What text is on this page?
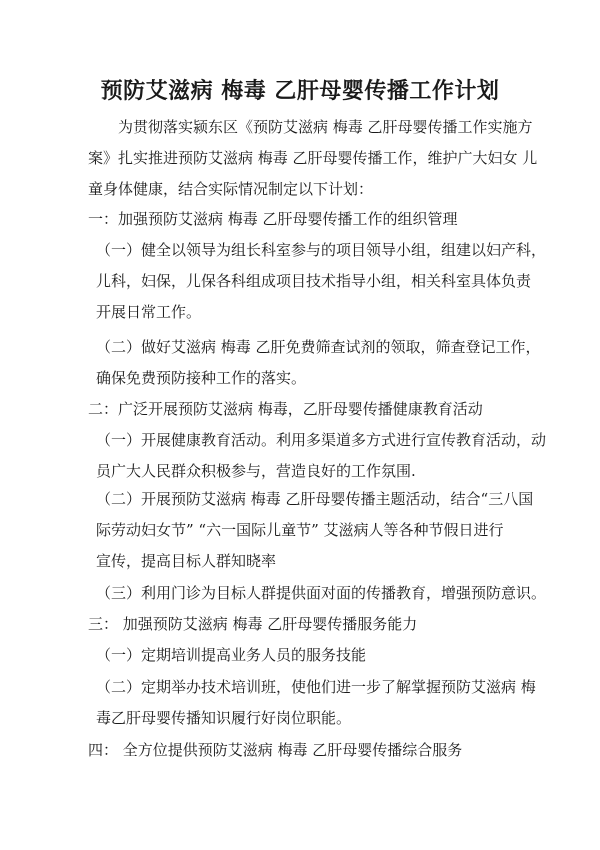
预防艾滋病 梅毒 乙肝母婴传播工作计划
为贯彻落实颍东区《预防艾滋病 梅毒 乙肝母婴传播工作实施方
案》扎实推进预防艾滋病 梅毒 乙肝母婴传播工作，维护广大妇女 儿
童身体健康，结合实际情况制定以下计划：
一：加强预防艾滋病 梅毒 乙肝母婴传播工作的组织管理
（一）健全以领导为组长科室参与的项目领导小组，组建以妇产科，
儿科，妇保，儿保各科组成项目技术指导小组，相关科室具体负责
开展日常工作。
（二）做好艾滋病 梅毒 乙肝免费筛查试剂的领取，筛查登记工作，
确保免费预防接种工作的落实。
二：广泛开展预防艾滋病 梅毒，乙肝母婴传播健康教育活动
（一）开展健康教育活动。利用多渠道多方式进行宣传教育活动，动
员广大人民群众积极参与，营造良好的工作氛围.
（二）开展预防艾滋病 梅毒 乙肝母婴传播主题活动，结合“三八国
际劳动妇女节” “六一国际儿童节” 艾滋病人等各种节假日进行
宣传，提高目标人群知晓率
（三）利用门诊为目标人群提供面对面的传播教育，增强预防意识。
三： 加强预防艾滋病 梅毒 乙肝母婴传播服务能力
（一）定期培训提高业务人员的服务技能
（二）定期举办技术培训班，使他们进一步了解掌握预防艾滋病 梅
毒乙肝母婴传播知识履行好岗位职能。
四： 全方位提供预防艾滋病 梅毒 乙肝母婴传播综合服务
